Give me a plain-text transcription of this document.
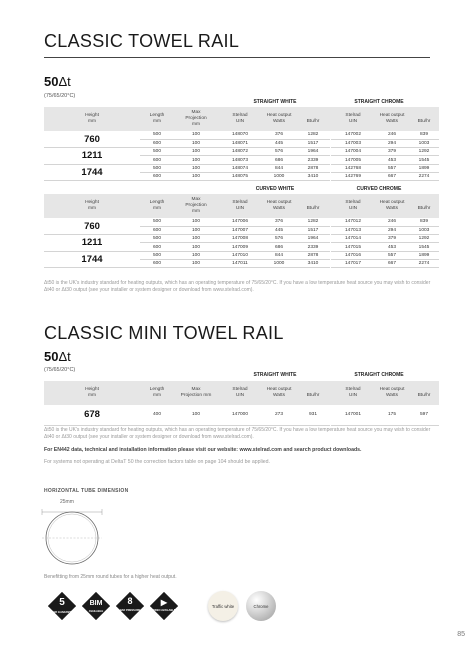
CLASSIC TOWEL RAIL
50Δt
(75/65/20°C)
STRAIGHT WHITE	STRAIGHT CHROME
Height
mm	Length
mm	Max
Projection
mm	Stelrad
UIN	Heat output
Watts	Btu/hr		Stelrad
UIN	Heat output
Watts	Btu/hr
760	500	100	148070	376	1282		147002	246	839
	600	100	148071	445	1517		147003	294	1003
1211	500	100	148072	576	1964		147004	379	1292
	600	100	148073	686	2339		147005	453	1545
1744	500	100	148074	844	2878		142768	557	1899
	600	100	148075	1000	3410		142769	667	2274
CURVED WHITE	CURVED CHROME
Height
mm	Length
mm	Max
Projection
mm	Stelrad
UIN	Heat output
Watts	Btu/hr		Stelrad
UIN	Heat output
Watts	Btu/hr
760	500	100	147006	376	1282		147012	246	839
	600	100	147007	445	1517		147013	294	1003
1211	500	100	147008	576	1964		147014	379	1292
	600	100	147009	686	2339		147015	453	1545
1744	500	100	147010	844	2878		147016	557	1899
	600	100	147011	1000	3410		147017	667	2274
Δt50 is the UK's industry standard for heating outputs, which has an operating temperature of 75/65/20°C. If you have a low temperature heat source you may wish to consider Δt40 or Δt30 output (see your installer or system designer or download from www.stelrad.com).
CLASSIC MINI TOWEL RAIL
50Δt
(75/65/20°C)
STRAIGHT WHITE	STRAIGHT CHROME
Height
mm	Length
mm	Max
Projection mm	Stelrad
UIN	Heat output
Watts	Btu/hr		Stelrad
UIN	Heat output
Watts	Btu/hr
678	400	100	147000	273	931		147001	175	597
Δt50 is the UK's industry standard for heating outputs, which has an operating temperature of 75/65/20°C. If you have a low temperature heat source you may wish to consider Δt40 or Δt30 output (see your installer or system designer or download from www.stelrad.com).
For EN442 data, technical and installation information please visit our website: www.stelrad.com and search product downloads.
For systems not operating at DeltaT 50 the correction factors table on page 104 should be applied.
HORIZONTAL TUBE DIMENSION
25mm
Benefitting from 25mm round tubes for a higher heat output.
5
YEAR GUARANTEE
BIM
AVAILABLE
8
BAR PRESSURE
▶
VIDEO AVAILABLE
Traffic white	Chrome
85
